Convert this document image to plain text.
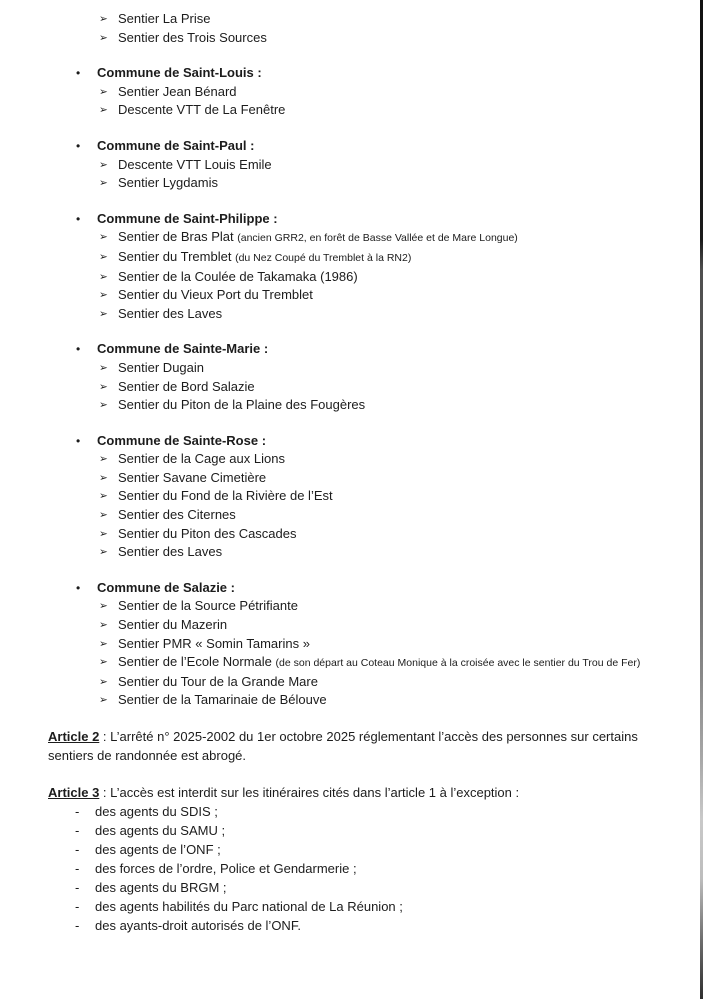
➢ Sentier La Prise
➢ Sentier des Trois Sources
• Commune de Saint-Louis :
➢ Sentier Jean Bénard
➢ Descente VTT de La Fenêtre
• Commune de Saint-Paul :
➢ Descente VTT Louis Emile
➢ Sentier Lygdamis
• Commune de Saint-Philippe :
➢ Sentier de Bras Plat (ancien GRR2, en forêt de Basse Vallée et de Mare Longue)
➢ Sentier du Tremblet (du Nez Coupé du Tremblet à la RN2)
➢ Sentier de la Coulée de Takamaka (1986)
➢ Sentier du Vieux Port du Tremblet
➢ Sentier des Laves
• Commune de Sainte-Marie :
➢ Sentier Dugain
➢ Sentier de Bord Salazie
➢ Sentier du Piton de la Plaine des Fougères
• Commune de Sainte-Rose :
➢ Sentier de la Cage aux Lions
➢ Sentier Savane Cimetière
➢ Sentier du Fond de la Rivière de l’Est
➢ Sentier des Citernes
➢ Sentier du Piton des Cascades
➢ Sentier des Laves
• Commune de Salazie :
➢ Sentier de la Source Pétrifiante
➢ Sentier du Mazerin
➢ Sentier PMR « Somin Tamarins »
➢ Sentier de l’Ecole Normale (de son départ au Coteau Monique à la croisée avec le sentier du Trou de Fer)
➢ Sentier du Tour de la Grande Mare
➢ Sentier de la Tamarinaie de Bélouve

Article 2 : L’arrêté n° 2025-2002 du 1er octobre 2025 réglementant l’accès des personnes sur certains sentiers de randonnée est abrogé.

Article 3 : L’accès est interdit sur les itinéraires cités dans l’article 1 à l’exception :

- des agents du SDIS ;
- des agents du SAMU ;
- des agents de l’ONF ;
- des forces de l’ordre, Police et Gendarmerie ;
- des agents du BRGM ;
- des agents habilités du Parc national de La Réunion ;
- des ayants-droit autorisés de l’ONF.
